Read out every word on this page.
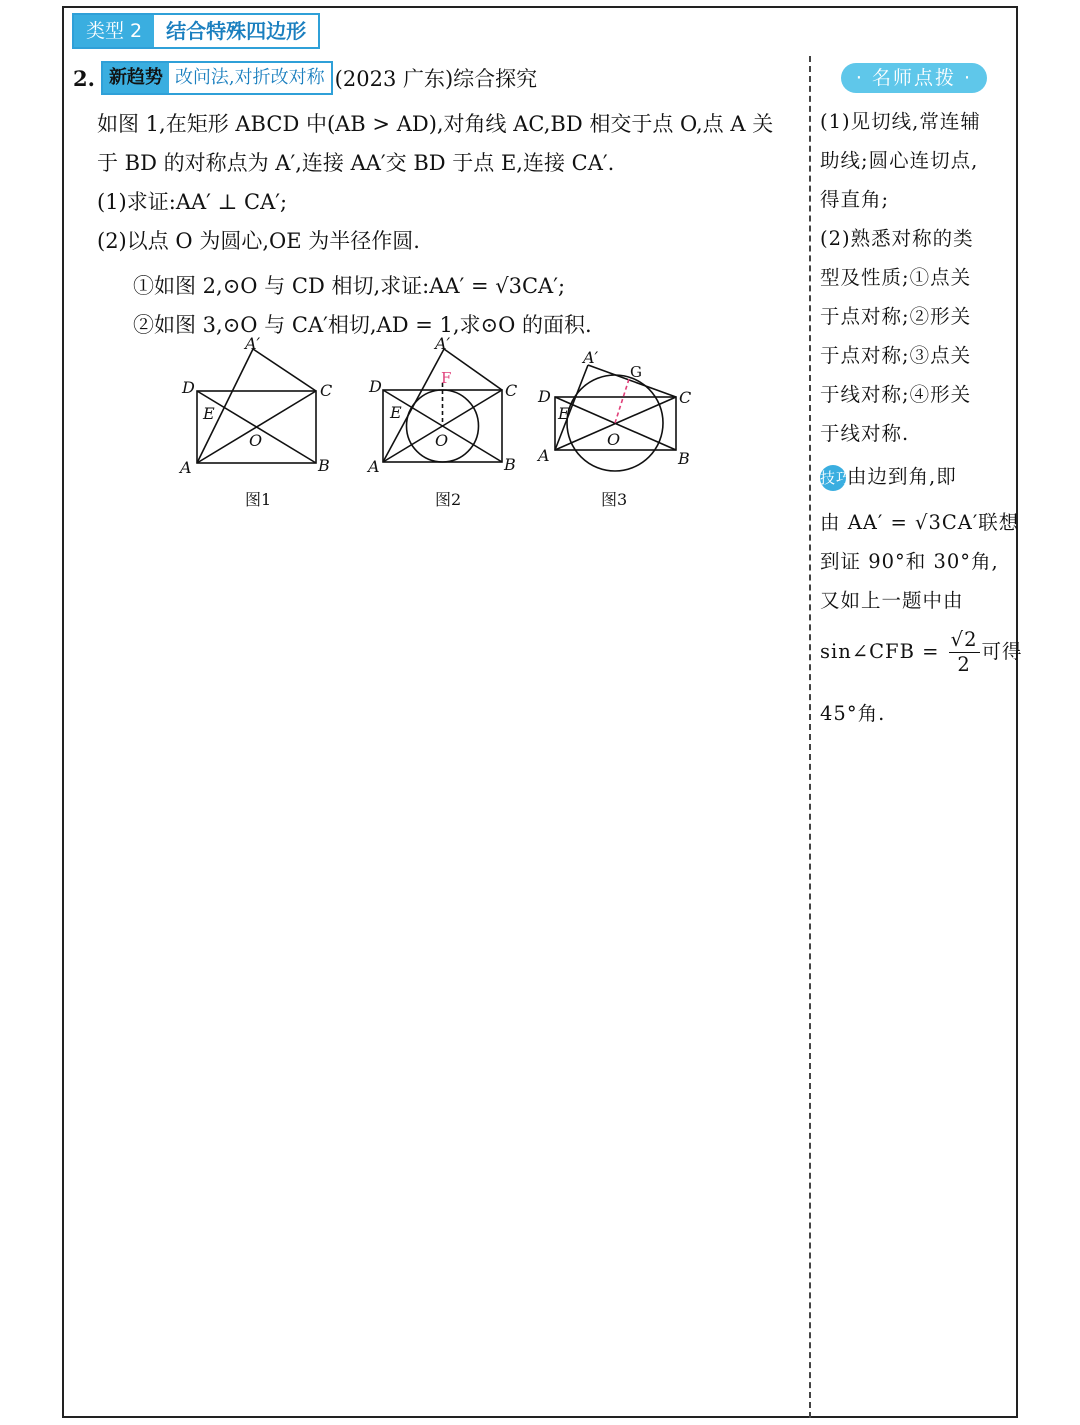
类型 2	结合特殊四边形
2. 新趋势 改问法,对折改对称 (2023 广东)综合探究
如图 1,在矩形 ABCD 中(AB > AD),对角线 AC,BD 相交于点 O,点 A 关
于 BD 的对称点为 A′,连接 AA′交 BD 于点 E,连接 CA′.
(1)求证:AA′ ⊥ CA′;
(2)以点 O 为圆心,OE 为半径作圆.
①如图 2,⊙O 与 CD 相切,求证:AA′ = √3CA′;
②如图 3,⊙O 与 CA′相切,AD = 1,求⊙O 的面积.
A′
D	C
E
O
A	B
图1
A′
F
D	C
E
O
A	B
图2
A′
G
D	C
E
O
A	B
图3
· 名师点拨 ·
(1)见切线,常连辅
助线;圆心连切点,
得直角;
(2)熟悉对称的类
型及性质;①点关
于点对称;②形关
于点对称;③点关
于线对称;④形关
于线对称.
技巧由边到角,即
由 AA′ = √3CA′联想
到证 90°和 30°角,
又如上一题中由
sin∠CFB = $\frac{√2}{2}$ 可得
45°角.
